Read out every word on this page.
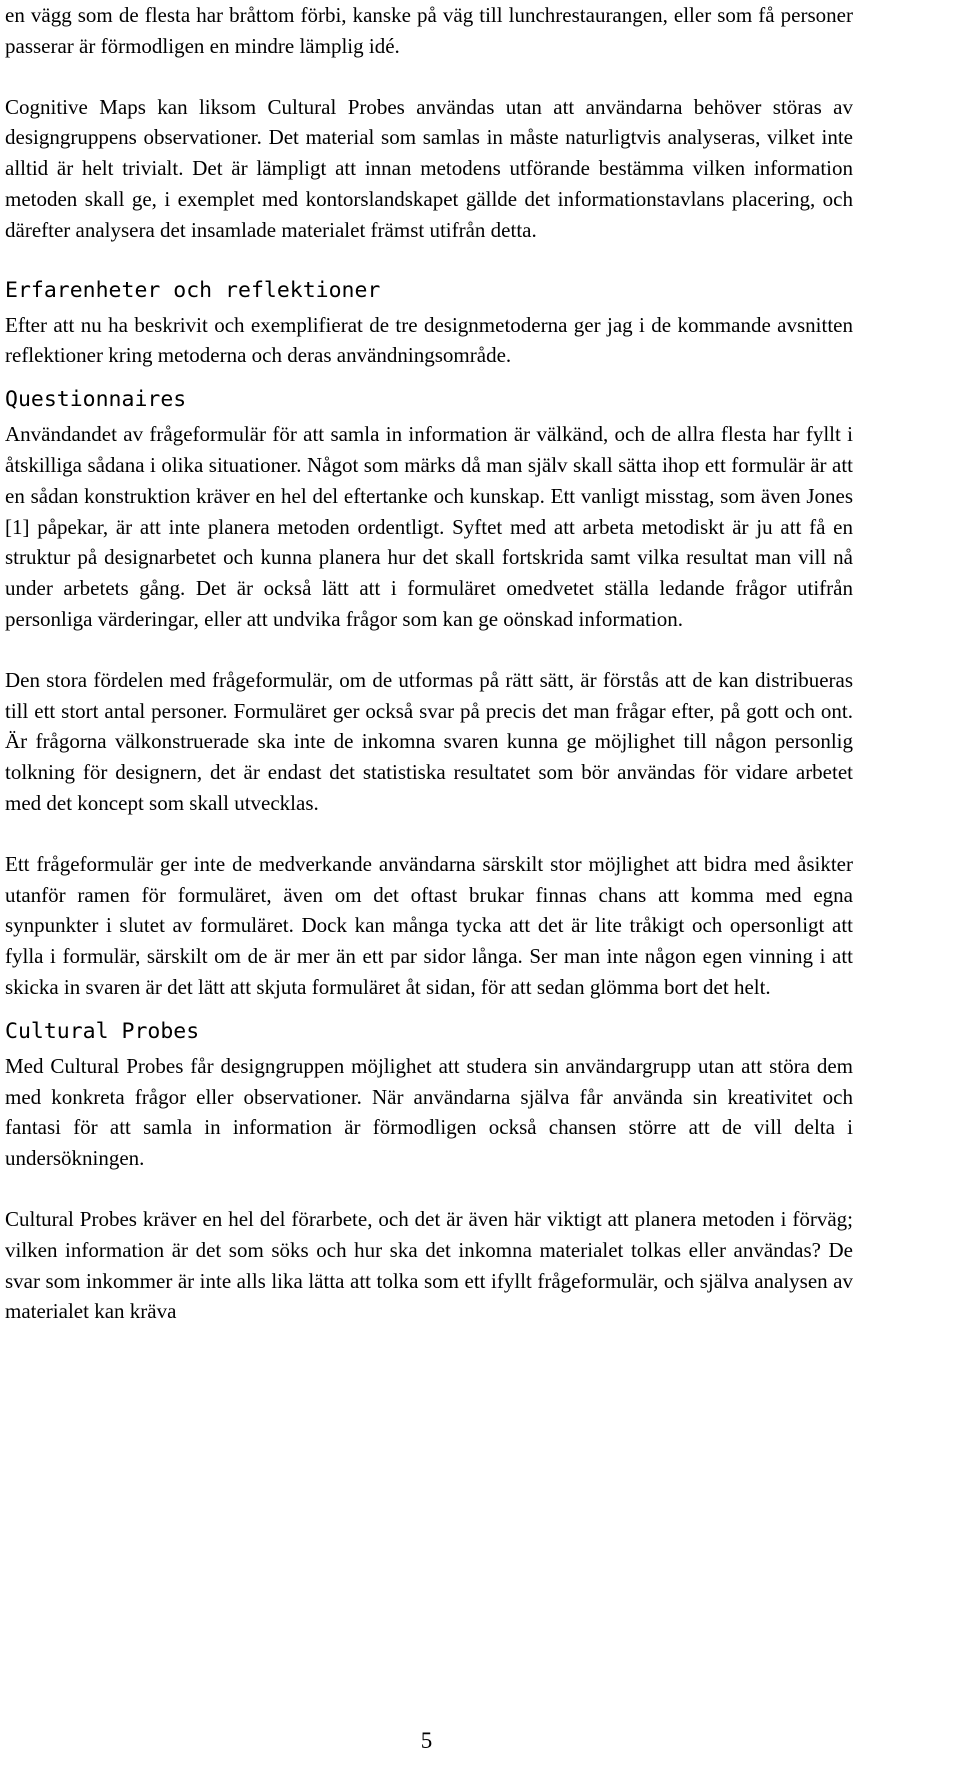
en vägg som de flesta har bråttom förbi, kanske på väg till lunchrestaurangen, eller som få personer passerar är förmodligen en mindre lämplig idé.

Cognitive Maps kan liksom Cultural Probes användas utan att användarna behöver störas av designgruppens observationer. Det material som samlas in måste naturligtvis analyseras, vilket inte alltid är helt trivialt. Det är lämpligt att innan metodens utförande bestämma vilken information metoden skall ge, i exemplet med kontorslandskapet gällde det informationstavlans placering, och därefter analysera det insamlade materialet främst utifrån detta.

Erfarenheter och reflektioner

Efter att nu ha beskrivit och exemplifierat de tre designmetoderna ger jag i de kommande avsnitten reflektioner kring metoderna och deras användningsområde.

Questionnaires

Användandet av frågeformulär för att samla in information är välkänd, och de allra flesta har fyllt i åtskilliga sådana i olika situationer. Något som märks då man själv skall sätta ihop ett formulär är att en sådan konstruktion kräver en hel del eftertanke och kunskap. Ett vanligt misstag, som även Jones [1] påpekar, är att inte planera metoden ordentligt. Syftet med att arbeta metodiskt är ju att få en struktur på designarbetet och kunna planera hur det skall fortskrida samt vilka resultat man vill nå under arbetets gång. Det är också lätt att i formuläret omedvetet ställa ledande frågor utifrån personliga värderingar, eller att undvika frågor som kan ge oönskad information.

Den stora fördelen med frågeformulär, om de utformas på rätt sätt, är förstås att de kan distribueras till ett stort antal personer. Formuläret ger också svar på precis det man frågar efter, på gott och ont. Är frågorna välkonstruerade ska inte de inkomna svaren kunna ge möjlighet till någon personlig tolkning för designern, det är endast det statistiska resultatet som bör användas för vidare arbetet med det koncept som skall utvecklas.

Ett frågeformulär ger inte de medverkande användarna särskilt stor möjlighet att bidra med åsikter utanför ramen för formuläret, även om det oftast brukar finnas chans att komma med egna synpunkter i slutet av formuläret. Dock kan många tycka att det är lite tråkigt och opersonligt att fylla i formulär, särskilt om de är mer än ett par sidor långa. Ser man inte någon egen vinning i att skicka in svaren är det lätt att skjuta formuläret åt sidan, för att sedan glömma bort det helt.

Cultural Probes

Med Cultural Probes får designgruppen möjlighet att studera sin användargrupp utan att störa dem med konkreta frågor eller observationer. När användarna själva får använda sin kreativitet och fantasi för att samla in information är förmodligen också chansen större att de vill delta i undersökningen.

Cultural Probes kräver en hel del förarbete, och det är även här viktigt att planera metoden i förväg; vilken information är det som söks och hur ska det inkomna materialet tolkas eller användas? De svar som inkommer är inte alls lika lätta att tolka som ett ifyllt frågeformulär, och själva analysen av materialet kan kräva

5
